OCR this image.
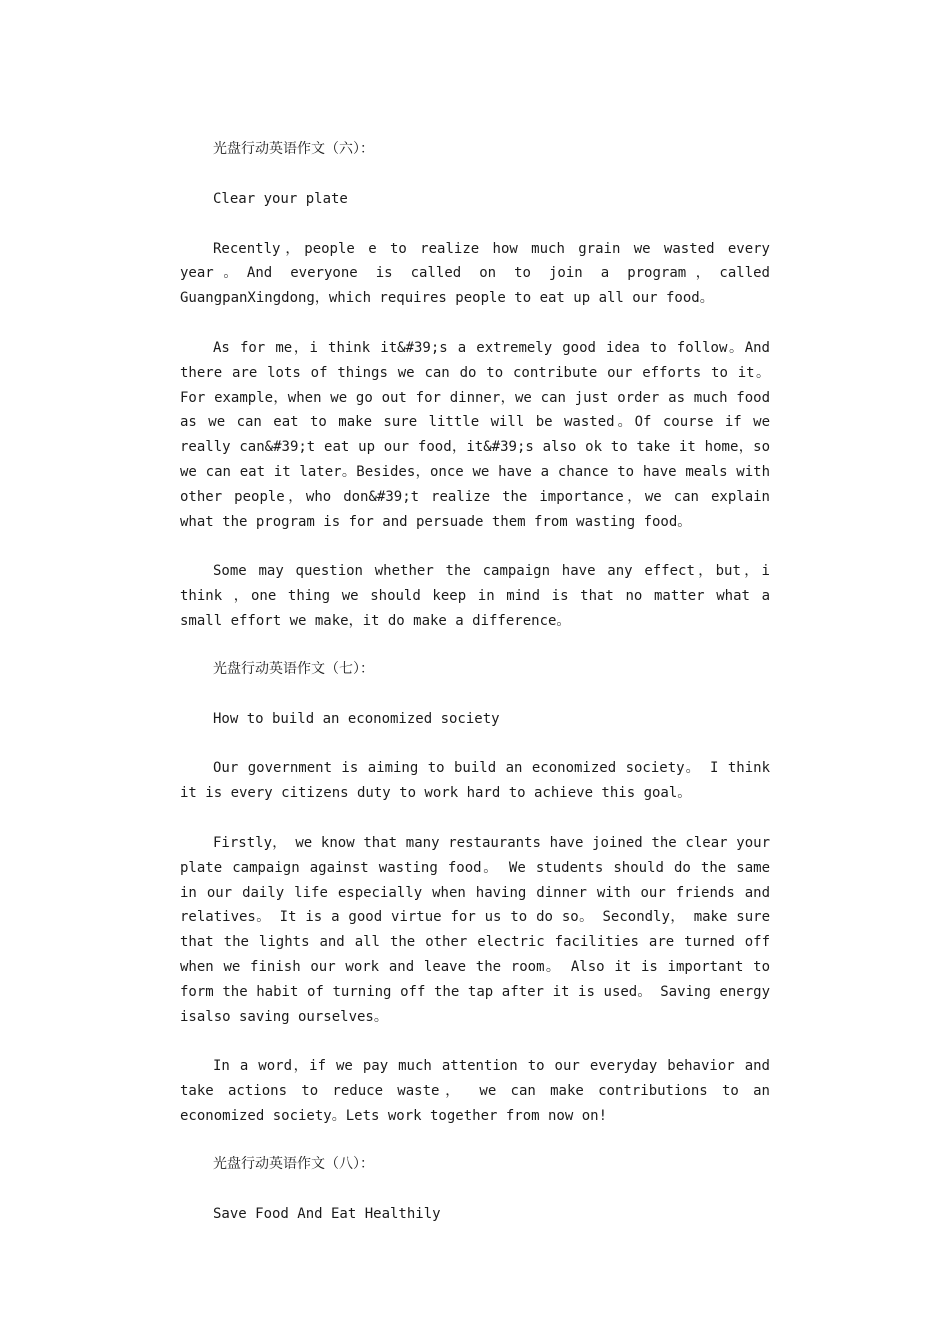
光盘行动英语作文（六）：

Clear your plate

Recently，people e to realize how much grain we wasted every year。And everyone is called on to join a program，called GuangpanXingdong，which requires people to eat up all our food。

As for me，i think it&#39;s a extremely good idea to follow。And there are lots of things we can do to contribute our efforts to it。For example，when we go out for dinner，we can just order as much food as we can eat to make sure little will be wasted。Of course if we really can&#39;t eat up our food，it&#39;s also ok to take it home，so we can eat it later。Besides，once we have a chance to have meals with other people，who don&#39;t realize the importance，we can explain what the program is for and persuade them from wasting food。

Some may question whether the campaign have any effect，but，i think ，one thing we should keep in mind is that no matter what a small effort we make，it do make a difference。

光盘行动英语作文（七）：

How to build an economized society

Our government is aiming to build an economized society。 I think it is every citizens duty to work hard to achieve this goal。

Firstly， we know that many restaurants have joined the clear your plate campaign against wasting food。 We students should do the same in our daily life especially when having dinner with our friends and relatives。 It is a good virtue for us to do so。 Secondly， make sure that the lights and all the other electric facilities are turned off when we finish our work and leave the room。 Also it is important to form the habit of turning off the tap after it is used。 Saving energy isalso saving ourselves。

In a word，if we pay much attention to our everyday behavior and take actions to reduce waste， we can make contributions to an economized society。Lets work together from now on!

光盘行动英语作文（八）：

Save Food And Eat Healthily
